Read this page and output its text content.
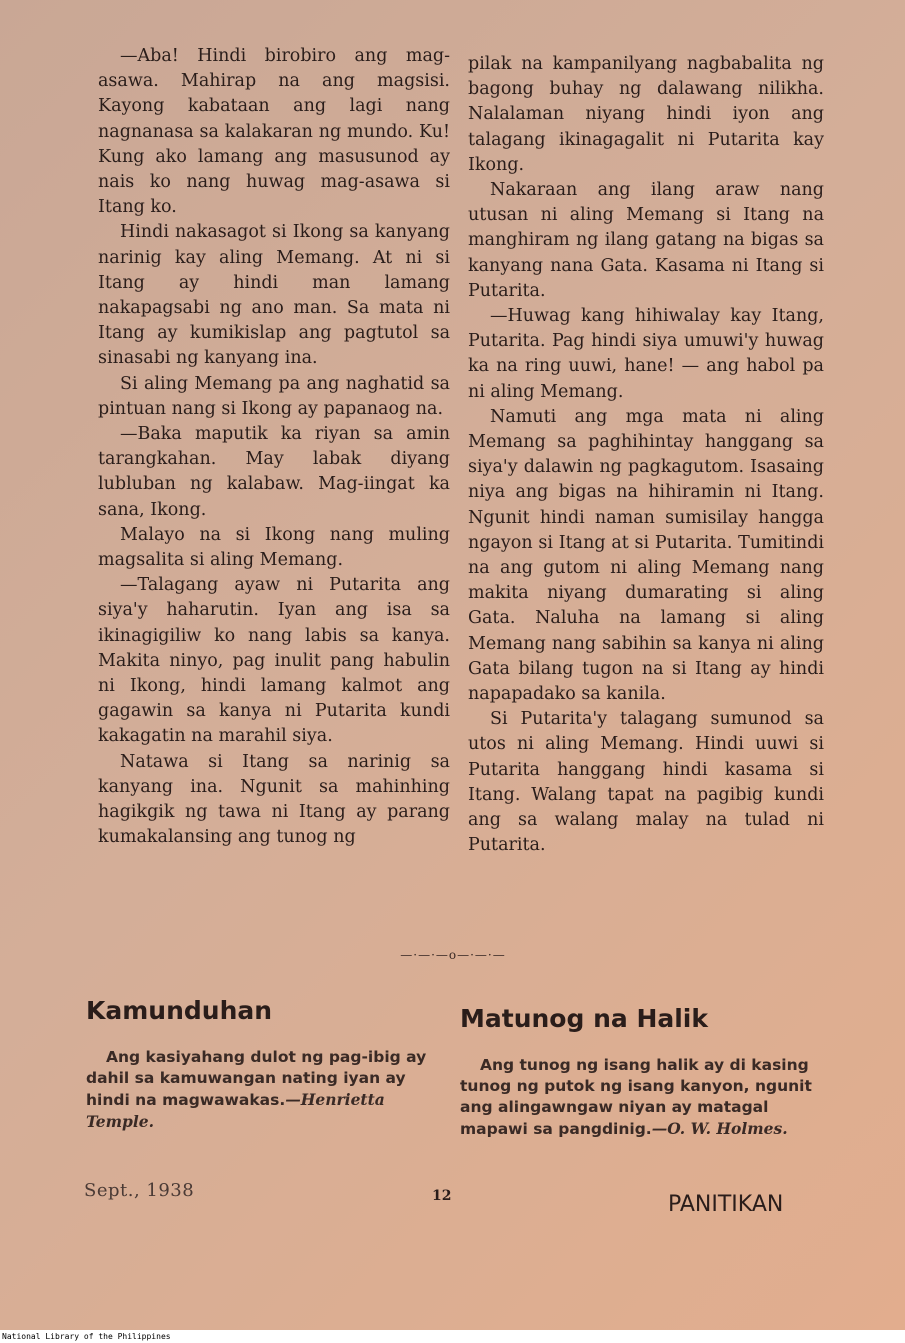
—Aba! Hindi birobiro ang mag-asawa. Mahirap na ang magsisi. Kayong kabataan ang lagi nang nagnanasa sa kalakaran ng mundo. Ku! Kung ako lamang ang masusunod ay nais ko nang huwag mag-asawa si Itang ko.

Hindi nakasagot si Ikong sa kanyang narinig kay aling Memang. At ni si Itang ay hindi man lamang nakapagsabi ng ano man. Sa mata ni Itang ay kumikislap ang pagtutol sa sinasabi ng kanyang ina.

Si aling Memang pa ang naghatid sa pintuan nang si Ikong ay papanaog na.

—Baka maputik ka riyan sa amin tarangkahan. May labak diyang lubluban ng kalabaw. Mag-iingat ka sana, Ikong.

Malayo na si Ikong nang muling magsalita si aling Memang.

—Talagang ayaw ni Putarita ang siya'y haharutin. Iyan ang isa sa ikinagigiliw ko nang labis sa kanya. Makita ninyo, pag inulit pang habulin ni Ikong, hindi lamang kalmot ang gagawin sa kanya ni Putarita kundi kakagatin na marahil siya.

Natawa si Itang sa narinig sa kanyang ina. Ngunit sa mahinhing hagikgik ng tawa ni Itang ay parang kumakalansing ang tunog ng

pilak na kampanilyang nagbabalita ng bagong buhay ng dalawang nilikha. Nalalaman niyang hindi iyon ang talagang ikinagagalit ni Putarita kay Ikong.

Nakaraan ang ilang araw nang utusan ni aling Memang si Itang na manghiram ng ilang gatang na bigas sa kanyang nana Gata. Kasama ni Itang si Putarita.

—Huwag kang hihiwalay kay Itang, Putarita. Pag hindi siya umuwi'y huwag ka na ring uuwi, hane! — ang habol pa ni aling Memang.

Namuti ang mga mata ni aling Memang sa paghihintay hanggang sa siya'y dalawin ng pagkagutom. Isasaing niya ang bigas na hihiramin ni Itang. Ngunit hindi naman sumisilay hangga ngayon si Itang at si Putarita. Tumitindi na ang gutom ni aling Memang nang makita niyang dumarating si aling Gata. Naluha na lamang si aling Memang nang sabihin sa kanya ni aling Gata bilang tugon na si Itang ay hindi napapadako sa kanila.

Si Putarita'y talagang sumunod sa utos ni aling Memang. Hindi uuwi si Putarita hanggang hindi kasama si Itang. Walang tapat na pagibig kundi ang sa walang malay na tulad ni Putarita.

—·—·—o—·—·—
Kamunduhan

Ang kasiyahang dulot ng pag-ibig ay dahil sa kamuwangan nating iyan ay hindi na magwawakas.—Henrietta Temple.

Matunog na Halik

Ang tunog ng isang halik ay di kasing tunog ng putok ng isang kanyon, ngunit ang alingawngaw niyan ay matagal mapawi sa pangdinig.—O. W. Holmes.

Sept., 1938	12	PANITIKAN
National Library of the Philippines
